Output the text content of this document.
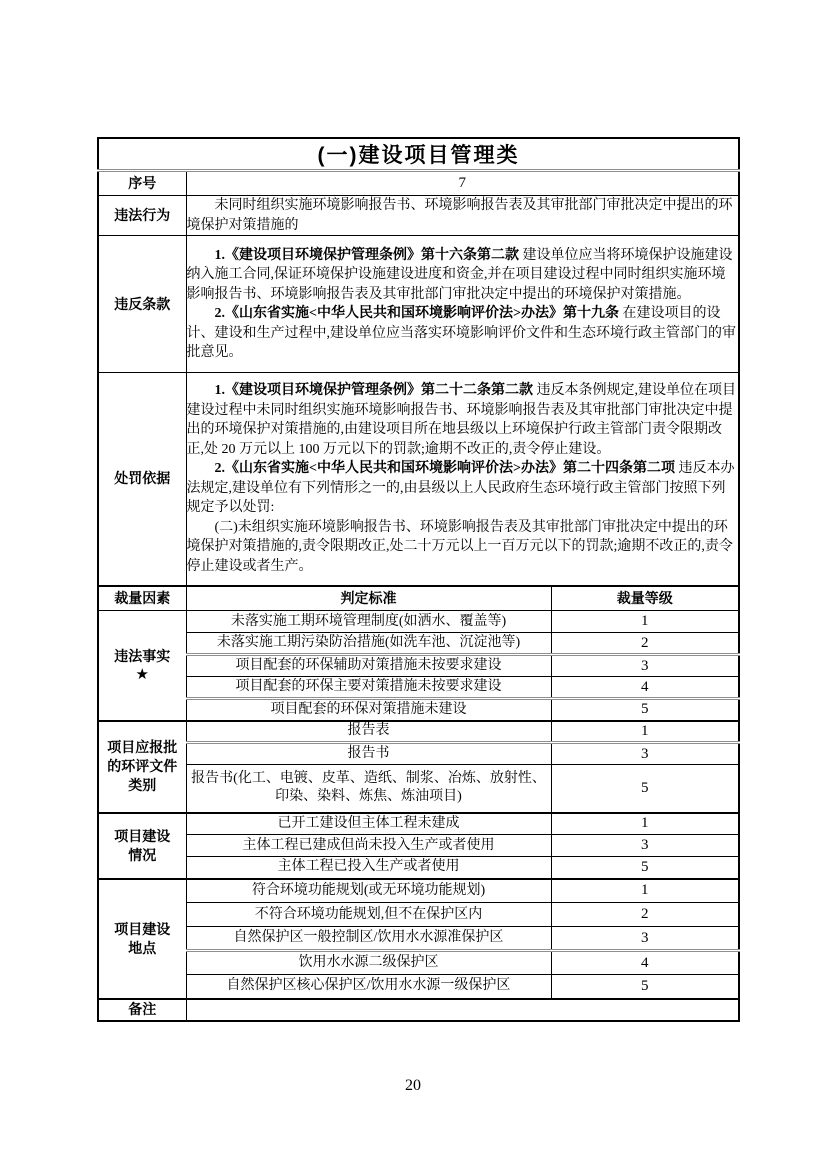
(一)建设项目管理类		
序号	7	
违法行为	未同时组织实施环境影响报告书、环境影响报告表及其审批部门审批决定中提出的环境保护对策措施的	

违反条款	1.《建设项目环境保护管理条例》第十六条第二款 建设单位应当将环境保护设施建设纳入施工合同,保证环境保护设施建设进度和资金,并在项目建设过程中同时组织实施环境影响报告书、环境影响报告表及其审批部门审批决定中提出的环境保护对策措施。

2.《山东省实施<中华人民共和国环境影响评价法>办法》第十九条 在建设项目的设计、建设和生产过程中,建设单位应当落实环境影响评价文件和生态环境行政主管部门的审批意见。	

处罚依据	1.《建设项目环境保护管理条例》第二十二条第二款 违反本条例规定,建设单位在项目建设过程中未同时组织实施环境影响报告书、环境影响报告表及其审批部门审批决定中提出的环境保护对策措施的,由建设项目所在地县级以上环境保护行政主管部门责令限期改正,处 20 万元以上 100 万元以下的罚款;逾期不改正的,责令停止建设。

2.《山东省实施<中华人民共和国环境影响评价法>办法》第二十四条第二项 违反本办法规定,建设单位有下列情形之一的,由县级以上人民政府生态环境行政主管部门按照下列规定予以处罚:

(二)未组织实施环境影响报告书、环境影响报告表及其审批部门审批决定中提出的环境保护对策措施的,责令限期改正,处二十万元以上一百万元以下的罚款;逾期不改正的,责令停止建设或者生产。	

裁量因素	判定标准	裁量等级

违法事实
★	未落实施工期环境管理制度(如洒水、覆盖等)	1
	未落实施工期污染防治措施(如洗车池、沉淀池等)	2
	项目配套的环保辅助对策措施未按要求建设	3
	项目配套的环保主要对策措施未按要求建设	4
	项目配套的环保对策措施未建设	5

项目应报批
的环评文件
类别	报告表	1
	报告书	3
	报告书(化工、电镀、皮革、造纸、制浆、冶炼、放射性、印染、染料、炼焦、炼油项目)	5

项目建设
情况	已开工建设但主体工程未建成	1
	主体工程已建成但尚未投入生产或者使用	3
	主体工程已投入生产或者使用	5

项目建设
地点	符合环境功能规划(或无环境功能规划)	1
	不符合环境功能规划,但不在保护区内	2
	自然保护区一般控制区/饮用水水源准保护区	3
	饮用水水源二级保护区	4
	自然保护区核心保护区/饮用水水源一级保护区	5
备注		
20
